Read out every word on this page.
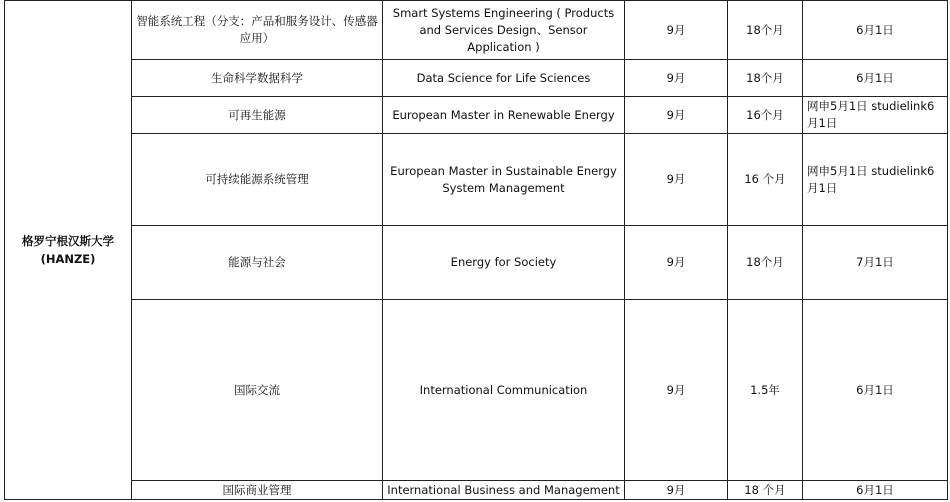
格罗宁根汉斯大学
(HANZE)	智能系统工程（分支：产品和服务设计、传感器应用）	Smart Systems Engineering ( Products and Services Design、Sensor Application )	9月	18个月	6月1日
	生命科学数据科学	Data Science for Life Sciences	9月	18个月	6月1日
	可再生能源	European Master in Renewable Energy	9月	16个月	网申5月1日 studielink6月1日
	可持续能源系统管理	European Master in Sustainable Energy System Management	9月	16 个月	网申5月1日 studielink6月1日
	能源与社会	Energy for Society	9月	18个月	7月1日
	国际交流	International Communication	9月	1.5年	6月1日
	国际商业管理	International Business and Management	9月	18 个月	6月1日
